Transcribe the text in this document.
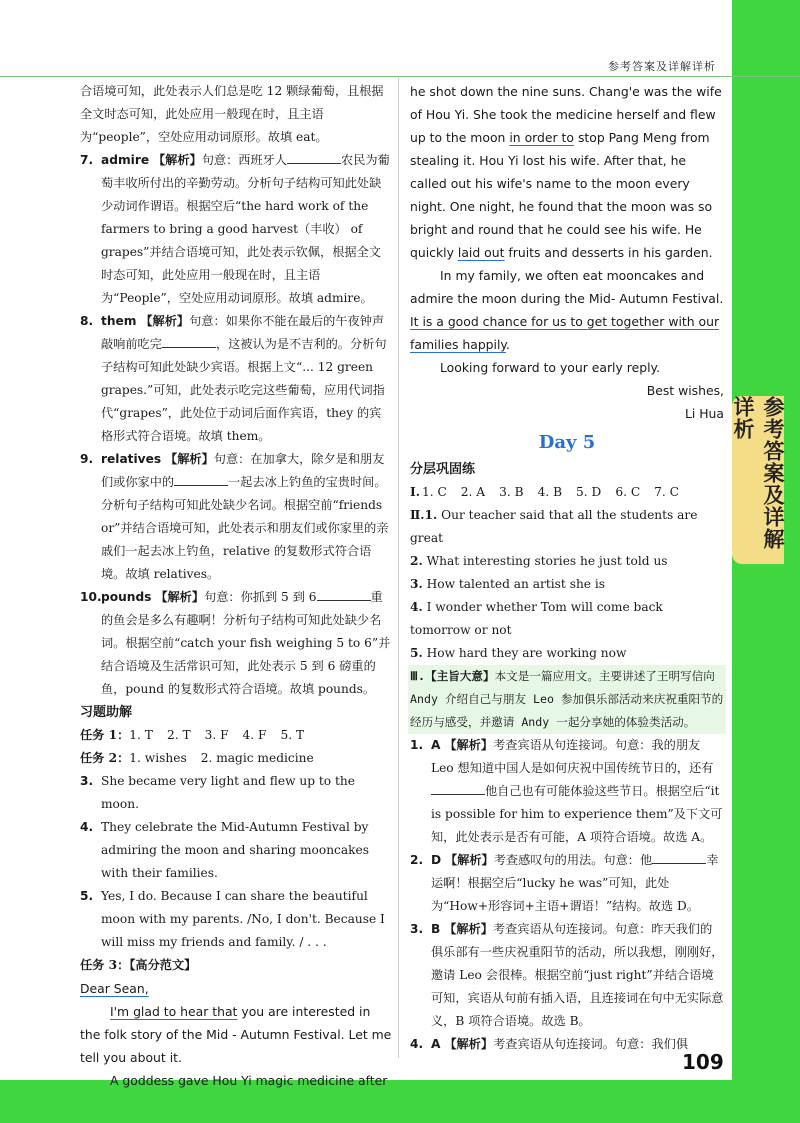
参考答案及详解详析

合语境可知，此处表示人们总是吃 12 颗绿葡萄，且根据全文时态可知，此处应用一般现在时，且主语为“people”，空处应用动词原形。故填 eat。

7. admire 【解析】句意：西班牙人	农民为葡萄丰收所付出的辛勤劳动。分析句子结构可知此处缺少动词作谓语。根据空后“the hard work of the farmers to bring a good harvest（丰收） of grapes”并结合语境可知，此处表示钦佩，根据全文时态可知，此处应用一般现在时，且主语为“People”，空处应用动词原形。故填 admire。

8. them 【解析】句意：如果你不能在最后的午夜钟声敲响前吃完	，这被认为是不吉利的。分析句子结构可知此处缺少宾语。根据上文“... 12 green grapes.”可知，此处表示吃完这些葡萄，应用代词指代“grapes”，此处位于动词后面作宾语，they 的宾格形式符合语境。故填 them。

9. relatives 【解析】句意：在加拿大，除夕是和朋友们或你家中的	一起去冰上钓鱼的宝贵时间。分析句子结构可知此处缺少名词。根据空前“friends or”并结合语境可知，此处表示和朋友们或你家里的亲戚们一起去冰上钓鱼，relative 的复数形式符合语境。故填 relatives。

10.pounds 【解析】句意：你抓到 5 到 6	重的鱼会是多么有趣啊！分析句子结构可知此处缺少名词。根据空前“catch your fish weighing 5 to 6”并结合语境及生活常识可知，此处表示 5 到 6 磅重的鱼，pound 的复数形式符合语境。故填 pounds。

习题助解

任务 1：1. T 2. T 3. F 4. F 5. T

任务 2：1. wishes 2. magic medicine

3. She became very light and flew up to the moon.

4. They celebrate the Mid-Autumn Festival by admiring the moon and sharing mooncakes with their families.

5. Yes, I do. Because I can share the beautiful moon with my parents. /No, I don't. Because I will miss my friends and family. / . . .

任务 3：【高分范文】

Dear Sean,

I'm glad to hear that you are interested in the folk story of the Mid - Autumn Festival. Let me tell you about it.

A goddess gave Hou Yi magic medicine after

he shot down the nine suns. Chang'e was the wife of Hou Yi. She took the medicine herself and flew up to the moon in order to stop Pang Meng from stealing it. Hou Yi lost his wife. After that, he called out his wife's name to the moon every night. One night, he found that the moon was so bright and round that he could see his wife. He quickly laid out fruits and desserts in his garden.

In my family, we often eat mooncakes and admire the moon during the Mid- Autumn Festival. It is a good chance for us to get together with our families happily.

Looking forward to your early reply.

Best wishes,

Li Hua

Day 5

分层巩固练

Ⅰ. 1. C 2. A 3. B 4. B 5. D 6. C 7. C

Ⅱ.1. Our teacher said that all the students are great

2. What interesting stories he just told us

3. How talented an artist she is

4. I wonder whether Tom will come back tomorrow or not

5. How hard they are working now

Ⅲ.【主旨大意】本文是一篇应用文。主要讲述了王明写信向 Andy 介绍自己与朋友 Leo 参加俱乐部活动来庆祝重阳节的经历与感受，并邀请 Andy 一起分享她的体验类活动。

1. A 【解析】考查宾语从句连接词。句意：我的朋友 Leo 想知道中国人是如何庆祝中国传统节日的，还有他自己也有可能体验这些节日。根据空后“it is possible for him to experience them”及下文可知，此处表示是否有可能，A 项符合语境。故选 A。

2. D 【解析】考查感叹句的用法。句意：他	幸运啊！根据空后“lucky he was”可知，此处为“How+形容词+主语+谓语！”结构。故选 D。

3. B 【解析】考查宾语从句连接词。句意：昨天我们的俱乐部有一些庆祝重阳节的活动，所以我想，刚刚好，邀请 Leo 会很棒。根据空前“just right”并结合语境可知，宾语从句前有插入语，且连接词在句中无实际意义，B 项符合语境。故选 B。

4. A 【解析】考查宾语从句连接词。句意：我们俱

参考答案及详解详析
109
